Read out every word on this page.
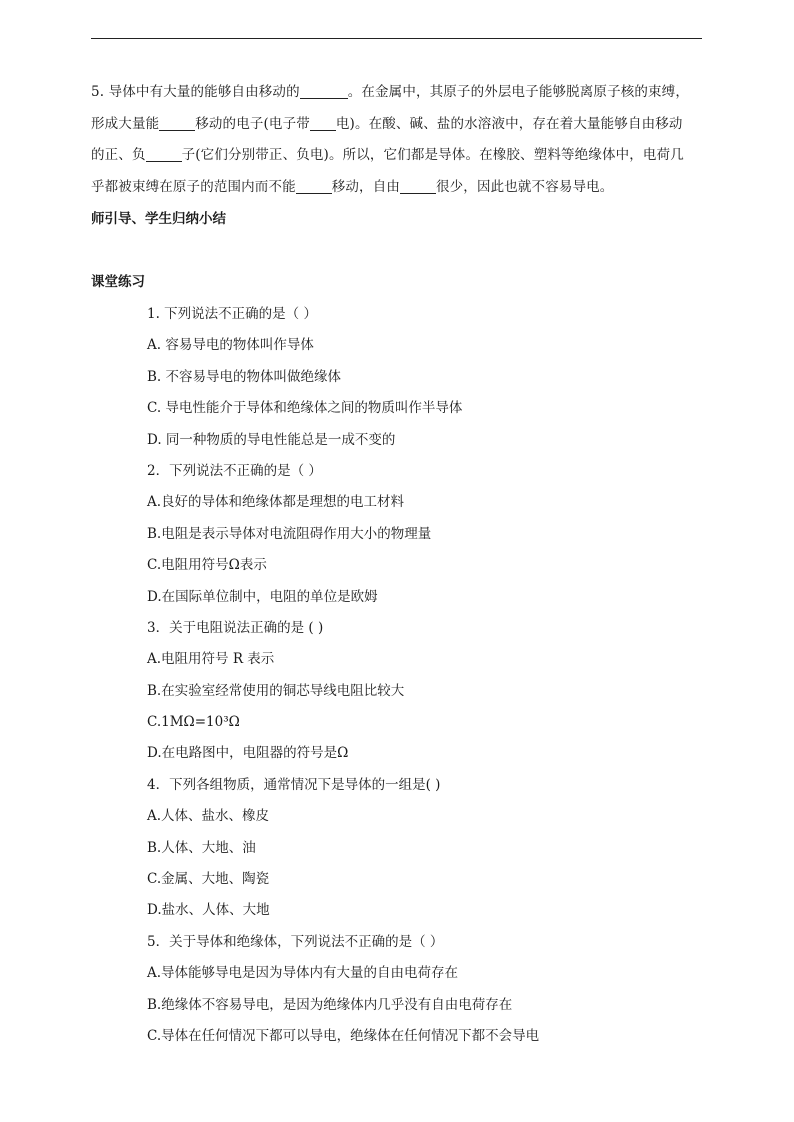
5. 导体中有大量的能够自由移动的	。在金属中，其原子的外层电子能够脱离原子核的束缚，
形成大量能	移动的电子(电子带 电)。在酸、碱、盐的水溶液中，存在着大量能够自由移动
的正、负	子(它们分别带正、负电)。所以，它们都是导体。在橡胶、塑料等绝缘体中，电荷几
乎都被束缚在原子的范围内而不能	移动，自由	很少，因此也就不容易导电。
师引导、学生归纳小结
课堂练习
1. 下列说法不正确的是（ ）
A. 容易导电的物体叫作导体
B. 不容易导电的物体叫做绝缘体
C. 导电性能介于导体和绝缘体之间的物质叫作半导体
D. 同一种物质的导电性能总是一成不变的
2．下列说法不正确的是（ ）
A.良好的导体和绝缘体都是理想的电工材料
B.电阻是表示导体对电流阻碍作用大小的物理量
C.电阻用符号Ω表示
D.在国际单位制中，电阻的单位是欧姆
3．关于电阻说法正确的是 ( )
A.电阻用符号 R 表示
B.在实验室经常使用的铜芯导线电阻比较大
C.1MΩ=10³Ω
D.在电路图中，电阻器的符号是Ω
4．下列各组物质，通常情况下是导体的一组是( )
A.人体、盐水、橡皮
B.人体、大地、油
C.金属、大地、陶瓷
D.盐水、人体、大地
5．关于导体和绝缘体，下列说法不正确的是（ ）
A.导体能够导电是因为导体内有大量的自由电荷存在
B.绝缘体不容易导电，是因为绝缘体内几乎没有自由电荷存在
C.导体在任何情况下都可以导电，绝缘体在任何情况下都不会导电
